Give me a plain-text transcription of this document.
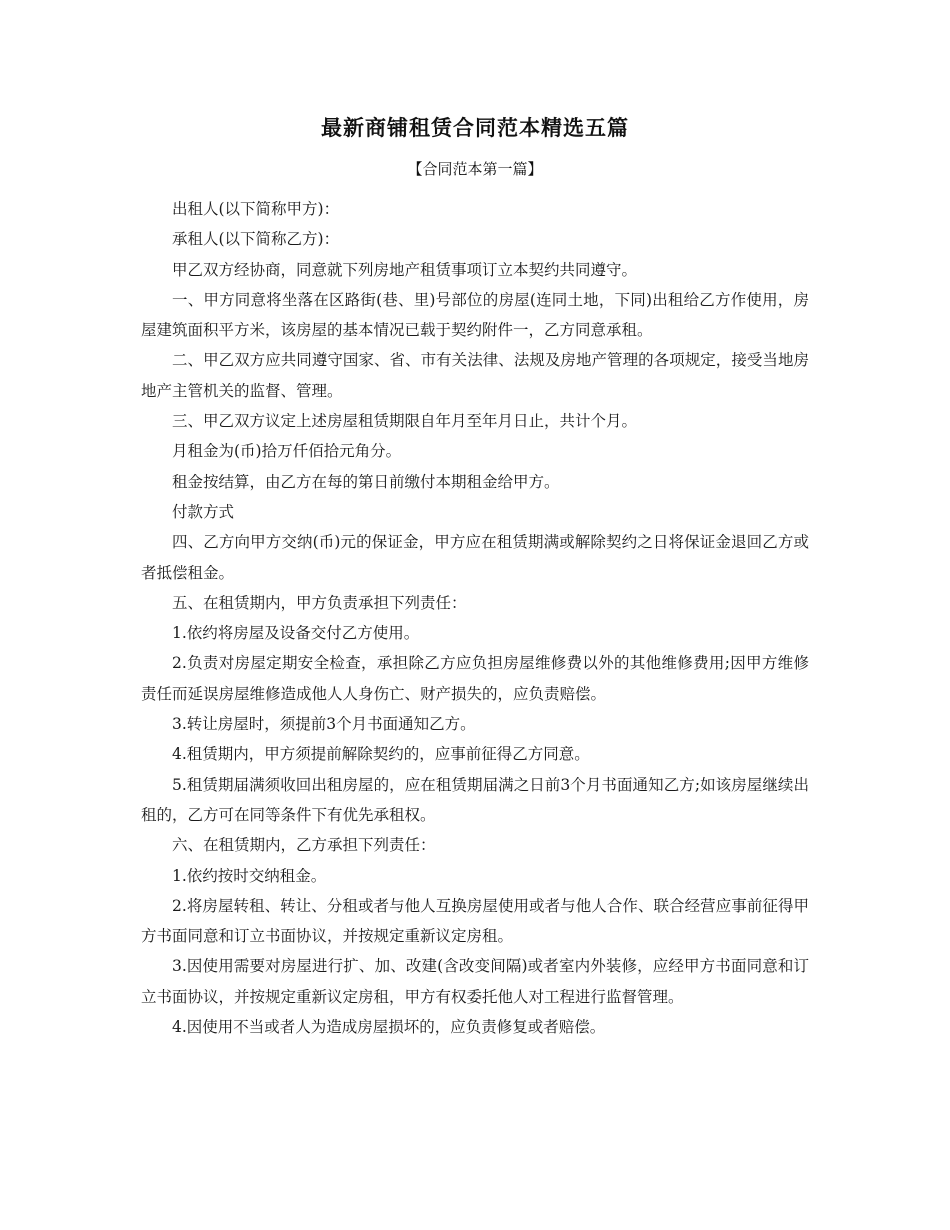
最新商铺租赁合同范本精选五篇
【合同范本第一篇】

出租人(以下简称甲方)：

承租人(以下简称乙方)：

甲乙双方经协商，同意就下列房地产租赁事项订立本契约共同遵守。

一、甲方同意将坐落在区路街(巷、里)号部位的房屋(连同土地，下同)出租给乙方作使用，房屋建筑面积平方米，该房屋的基本情况已载于契约附件一，乙方同意承租。

二、甲乙双方应共同遵守国家、省、市有关法律、法规及房地产管理的各项规定，接受当地房地产主管机关的监督、管理。

三、甲乙双方议定上述房屋租赁期限自年月至年月日止，共计个月。

月租金为(币)拾万仟佰拾元角分。

租金按结算，由乙方在每的第日前缴付本期租金给甲方。

付款方式

四、乙方向甲方交纳(币)元的保证金，甲方应在租赁期满或解除契约之日将保证金退回乙方或者抵偿租金。

五、在租赁期内，甲方负责承担下列责任：

1.依约将房屋及设备交付乙方使用。

2.负责对房屋定期安全检查，承担除乙方应负担房屋维修费以外的其他维修费用;因甲方维修责任而延误房屋维修造成他人人身伤亡、财产损失的，应负责赔偿。

3.转让房屋时，须提前3个月书面通知乙方。

4.租赁期内，甲方须提前解除契约的，应事前征得乙方同意。

5.租赁期届满须收回出租房屋的，应在租赁期届满之日前3个月书面通知乙方;如该房屋继续出租的，乙方可在同等条件下有优先承租权。

六、在租赁期内，乙方承担下列责任：

1.依约按时交纳租金。

2.将房屋转租、转让、分租或者与他人互换房屋使用或者与他人合作、联合经营应事前征得甲方书面同意和订立书面协议，并按规定重新议定房租。

3.因使用需要对房屋进行扩、加、改建(含改变间隔)或者室内外装修，应经甲方书面同意和订立书面协议，并按规定重新议定房租，甲方有权委托他人对工程进行监督管理。

4.因使用不当或者人为造成房屋损坏的，应负责修复或者赔偿。
